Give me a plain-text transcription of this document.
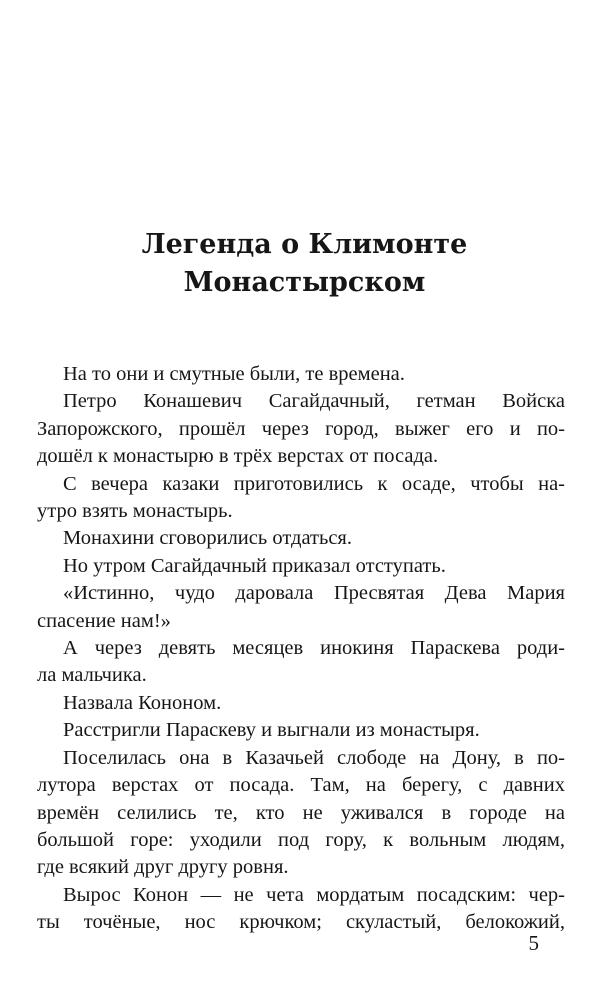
Легенда о Климонте
Монастырском

На то они и смутные были, те времена.

Петро Конашевич Сагайдачный, гетман Войска
Запорожского, прошёл через город, выжег его и по-
дошёл к монастырю в трёх верстах от посада.

С вечера казаки приготовились к осаде, чтобы на-
утро взять монастырь.

Монахини сговорились отдаться.

Но утром Сагайдачный приказал отступать.

«Истинно, чудо даровала Пресвятая Дева Мария
спасение нам!»

А через девять месяцев инокиня Параскева роди-
ла мальчика.

Назвала Кононом.

Расстригли Параскеву и выгнали из монастыря.

Поселилась она в Казачьей слободе на Дону, в по-
лутора верстах от посада. Там, на берегу, с давних
времён селились те, кто не уживался в городе на
большой горе: уходили под гору, к вольным людям,
где всякий друг другу ровня.

Вырос Конон — не чета мордатым посадским: чер-
ты точёные, нос крючком; скуластый, белокожий,

5
